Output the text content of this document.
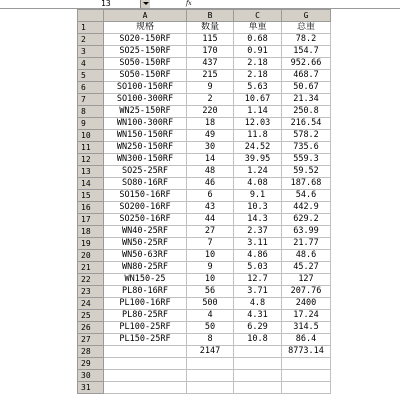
13	fx
	A	B	C	G
1	规格	数量	单重	总重
2	SO20-150RF	115	0.68	78.2
3	SO25-150RF	170	0.91	154.7
4	SO50-150RF	437	2.18	952.66
5	SO50-150RF	215	2.18	468.7
6	SO100-150RF	9	5.63	50.67
7	SO100-300RF	2	10.67	21.34
8	WN25-150RF	220	1.14	250.8
9	WN100-300RF	18	12.03	216.54
10	WN150-150RF	49	11.8	578.2
11	WN250-150RF	30	24.52	735.6
12	WN300-150RF	14	39.95	559.3
13	SO25-25RF	48	1.24	59.52
14	SO80-16RF	46	4.08	187.68
15	SO150-16RF	6	9.1	54.6
16	SO200-16RF	43	10.3	442.9
17	SO250-16RF	44	14.3	629.2
18	WN40-25RF	27	2.37	63.99
19	WN50-25RF	7	3.11	21.77
20	WN50-63RF	10	4.86	48.6
21	WN80-25RF	9	5.03	45.27
22	WN150-25	10	12.7	127
23	PL80-16RF	56	3.71	207.76
24	PL100-16RF	500	4.8	2400
25	PL80-25RF	4	4.31	17.24
26	PL100-25RF	50	6.29	314.5
27	PL150-25RF	8	10.8	86.4
28		2147		8773.14
29				
30				
31				
